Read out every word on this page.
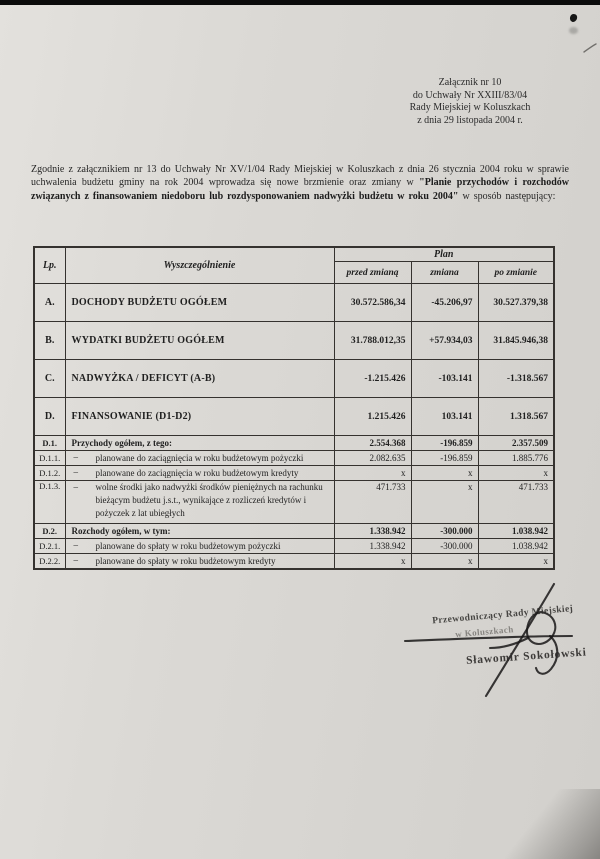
Załącznik nr 10
do Uchwały Nr XXIII/83/04
Rady Miejskiej w Koluszkach
z dnia 29 listopada 2004 r.
Zgodnie z załącznikiem nr 13 do Uchwały Nr XV/1/04 Rady Miejskiej w Koluszkach z dnia 26 stycznia 2004 roku w sprawie uchwalenia budżetu gminy na rok 2004 wprowadza się nowe brzmienie oraz zmiany w "Planie przychodów i rozchodów związanych z finansowaniem niedoboru lub rozdysponowaniem nadwyżki budżetu w roku 2004" w sposób następujący:
Lp.	Wyszczególnienie	Plan		
		przed zmianą	zmiana	po zmianie
A.	DOCHODY BUDŻETU OGÓŁEM	30.572.586,34	-45.206,97	30.527.379,38
B.	WYDATKI BUDŻETU OGÓŁEM	31.788.012,35	+57.934,03	31.845.946,38
C.	NADWYŻKA / DEFICYT (A-B)	-1.215.426	-103.141	-1.318.567
D.	FINANSOWANIE (D1-D2)	1.215.426	103.141	1.318.567
D.1.	Przychody ogółem, z tego:	2.554.368	-196.859	2.357.509
D.1.1.	– planowane do zaciągnięcia w roku budżetowym pożyczki	2.082.635	-196.859	1.885.776
D.1.2.	– planowane do zaciągnięcia w roku budżetowym kredyty	x	x	x
D.1.3.	– wolne środki jako nadwyżki środków pieniężnych na rachunku bieżącym budżetu j.s.t., wynikające z rozliczeń kredytów i pożyczek z lat ubiegłych	471.733	x	471.733
D.2.	Rozchody ogółem, w tym:	1.338.942	-300.000	1.038.942
D.2.1.	– planowane do spłaty w roku budżetowym pożyczki	1.338.942	-300.000	1.038.942
D.2.2.	– planowane do spłaty w roku budżetowym kredyty	x	x	x
Przewodniczący Rady Miejskiej
w Koluszkach
Sławomir Sokołowski
